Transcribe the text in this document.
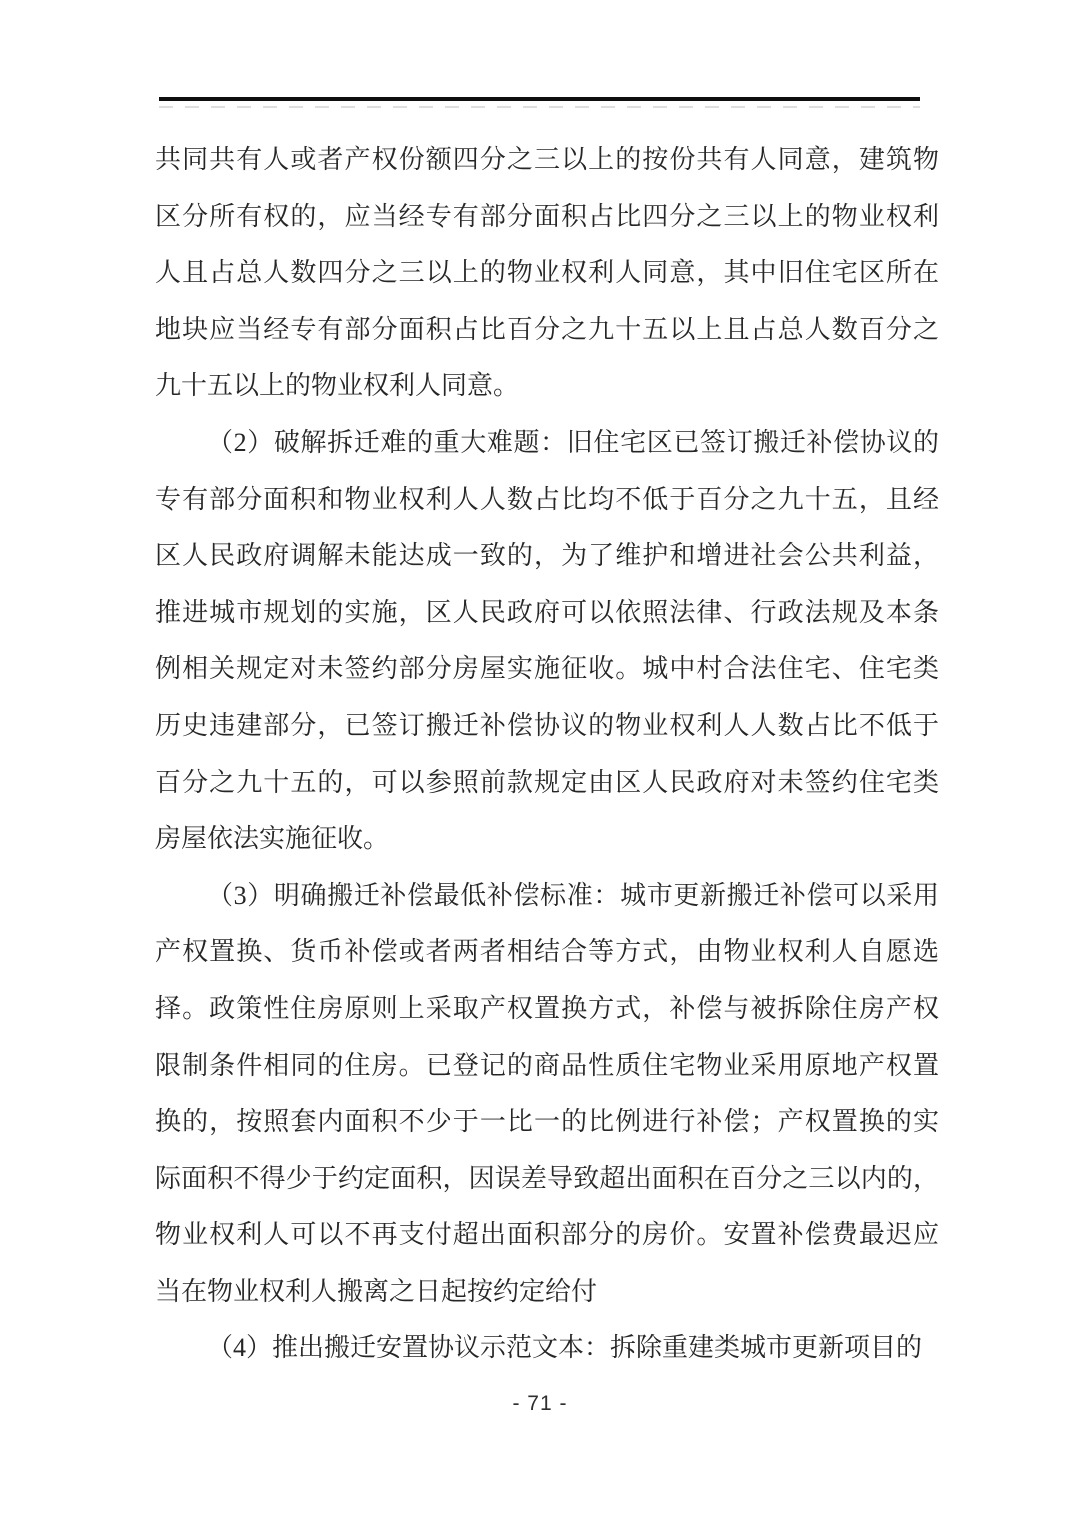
共同共有人或者产权份额四分之三以上的按份共有人同意，建筑物
区分所有权的，应当经专有部分面积占比四分之三以上的物业权利
人且占总人数四分之三以上的物业权利人同意，其中旧住宅区所在
地块应当经专有部分面积占比百分之九十五以上且占总人数百分之
九十五以上的物业权利人同意。
（2）破解拆迁难的重大难题：旧住宅区已签订搬迁补偿协议的
专有部分面积和物业权利人人数占比均不低于百分之九十五，且经
区人民政府调解未能达成一致的，为了维护和增进社会公共利益，
推进城市规划的实施，区人民政府可以依照法律、行政法规及本条
例相关规定对未签约部分房屋实施征收。城中村合法住宅、住宅类
历史违建部分，已签订搬迁补偿协议的物业权利人人数占比不低于
百分之九十五的，可以参照前款规定由区人民政府对未签约住宅类
房屋依法实施征收。
（3）明确搬迁补偿最低补偿标准：城市更新搬迁补偿可以采用
产权置换、货币补偿或者两者相结合等方式，由物业权利人自愿选
择。政策性住房原则上采取产权置换方式，补偿与被拆除住房产权
限制条件相同的住房。已登记的商品性质住宅物业采用原地产权置
换的，按照套内面积不少于一比一的比例进行补偿；产权置换的实
际面积不得少于约定面积，因误差导致超出面积在百分之三以内的，
物业权利人可以不再支付超出面积部分的房价。安置补偿费最迟应
当在物业权利人搬离之日起按约定给付
（4）推出搬迁安置协议示范文本：拆除重建类城市更新项目的
- 71 -
